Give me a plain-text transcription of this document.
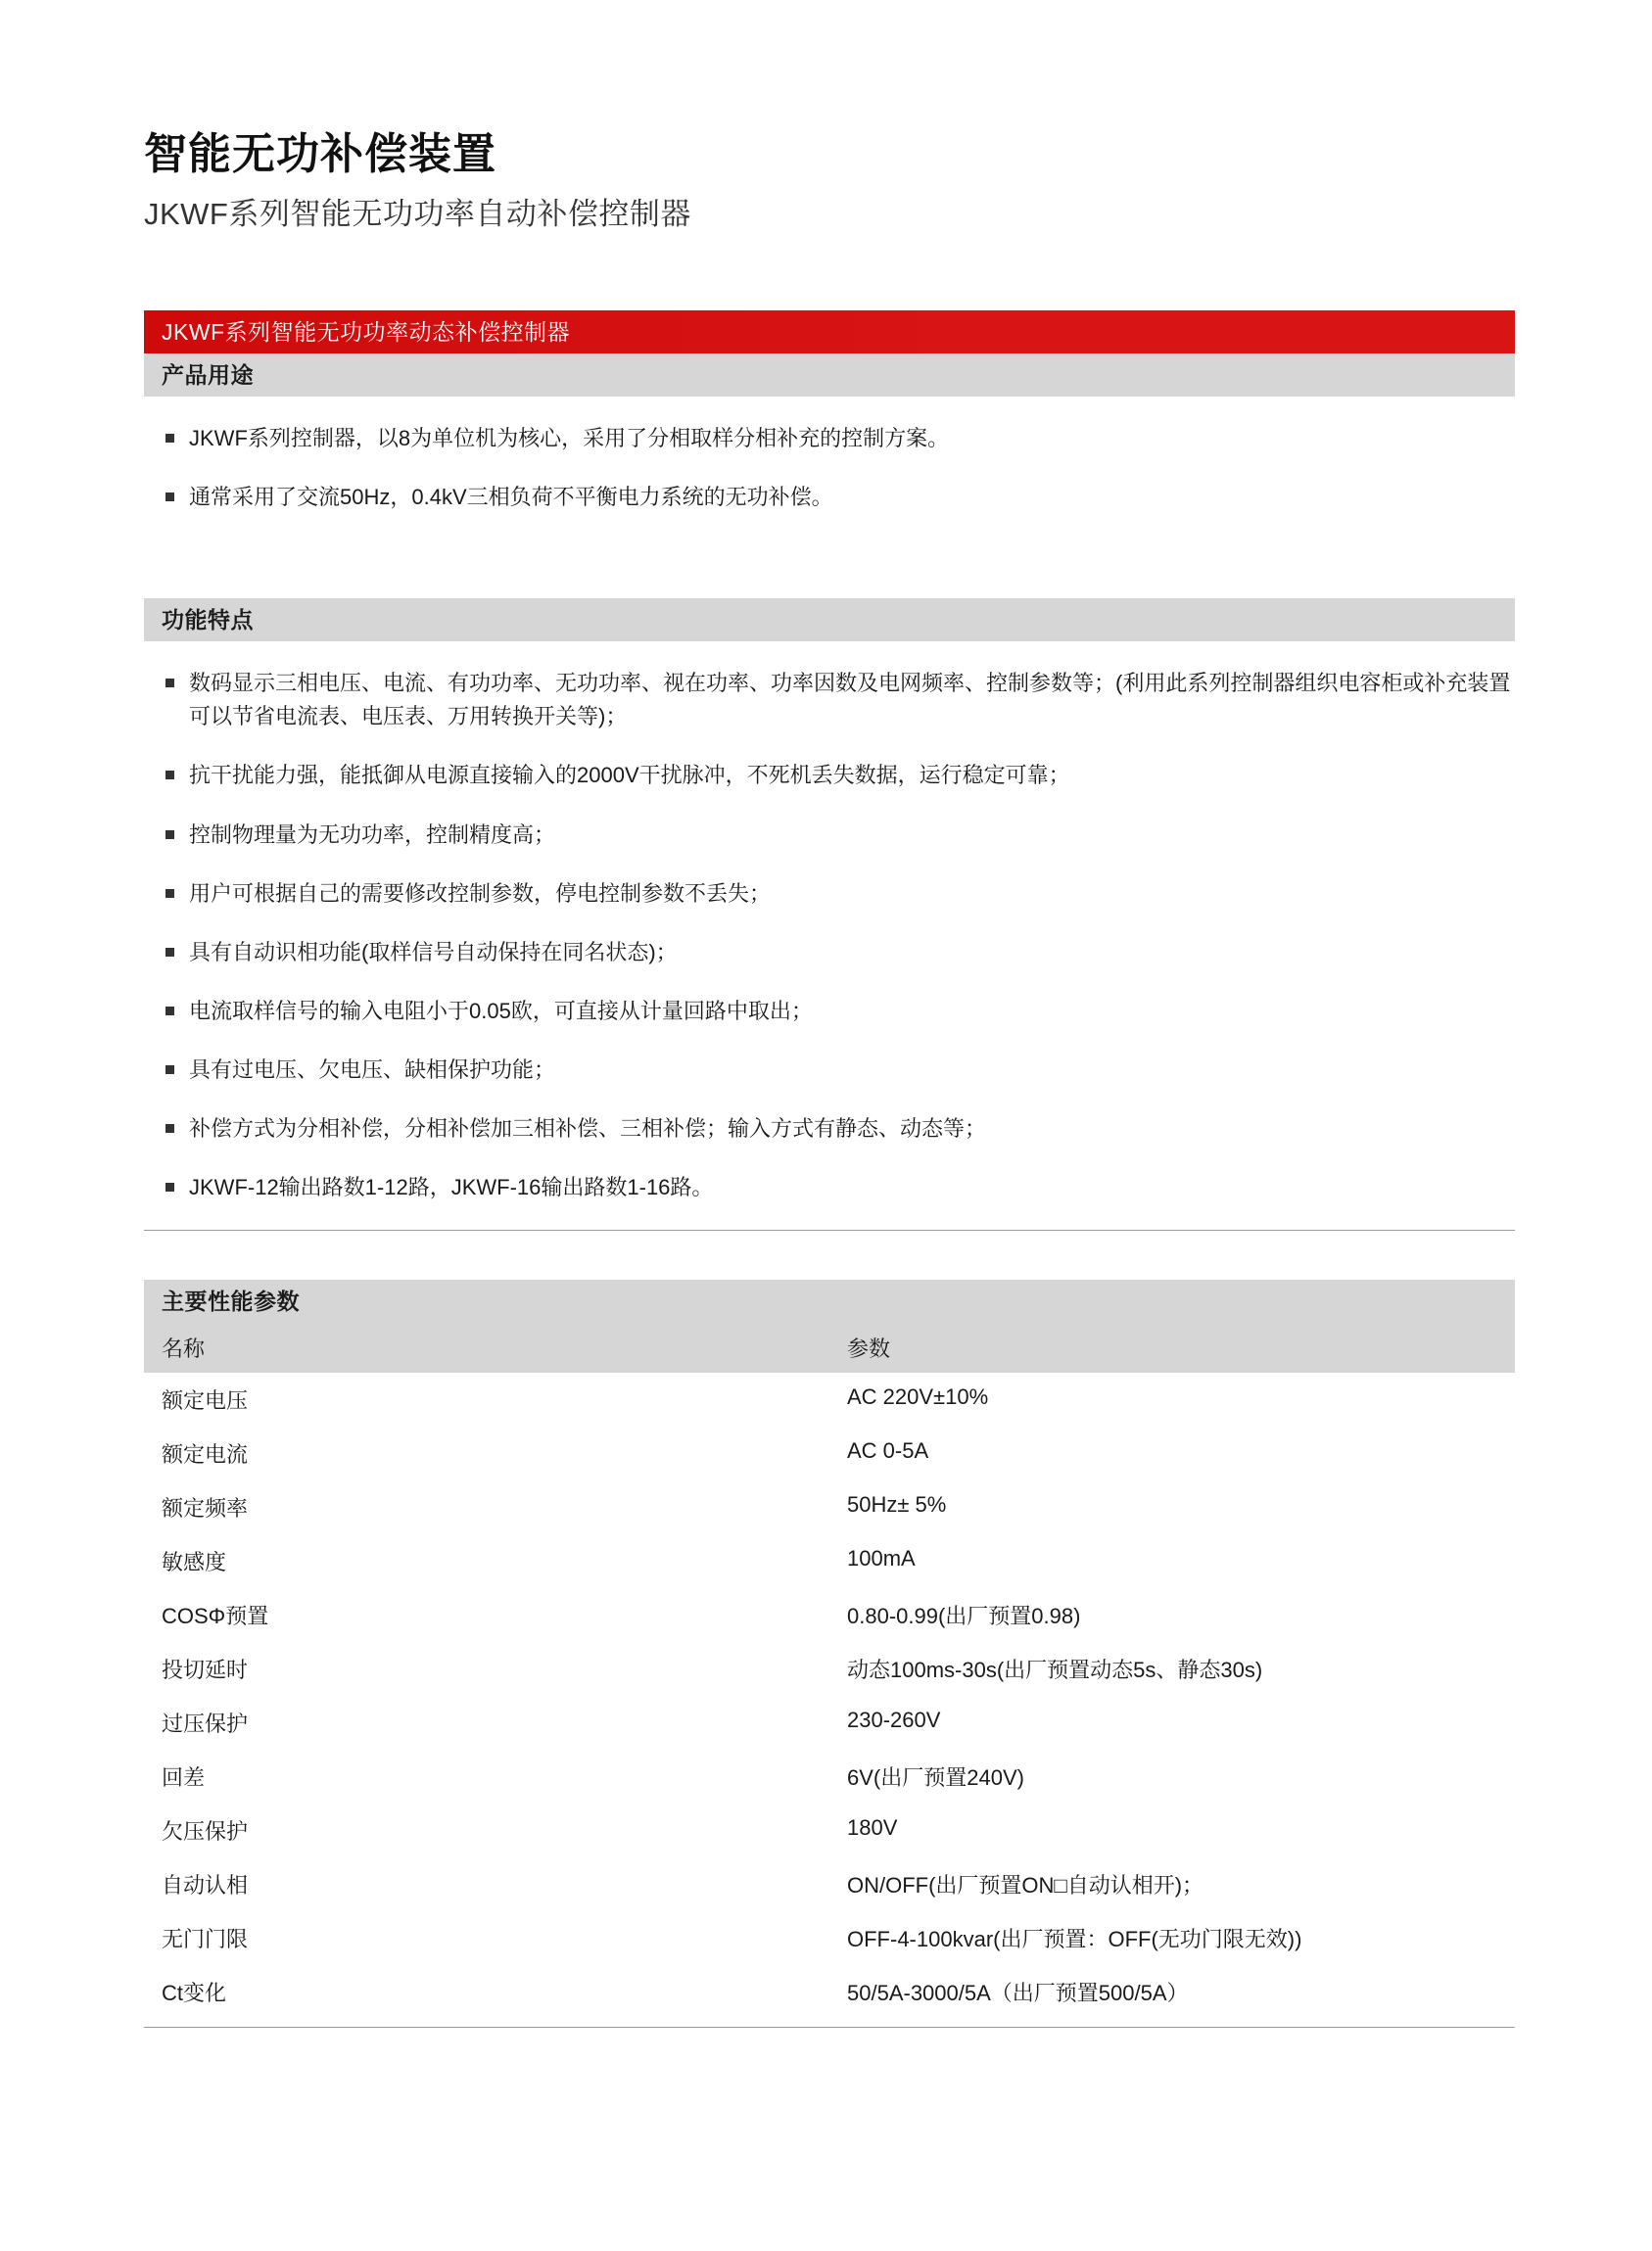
智能无功补偿装置
JKWF系列智能无功功率自动补偿控制器
JKWF系列智能无功功率动态补偿控制器
产品用途
JKWF系列控制器，以8为单位机为核心，采用了分相取样分相补充的控制方案。
通常采用了交流50Hz，0.4kV三相负荷不平衡电力系统的无功补偿。
功能特点
数码显示三相电压、电流、有功功率、无功功率、视在功率、功率因数及电网频率、控制参数等；(利用此系列控制器组织电容柜或补充装置可以节省电流表、电压表、万用转换开关等)；
抗干扰能力强，能抵御从电源直接输入的2000V干扰脉冲，不死机丢失数据，运行稳定可靠；
控制物理量为无功功率，控制精度高；
用户可根据自己的需要修改控制参数，停电控制参数不丢失；
具有自动识相功能(取样信号自动保持在同名状态)；
电流取样信号的输入电阻小于0.05欧，可直接从计量回路中取出；
具有过电压、欠电压、缺相保护功能；
补偿方式为分相补偿，分相补偿加三相补偿、三相补偿；输入方式有静态、动态等；
JKWF-12输出路数1-12路，JKWF-16输出路数1-16路。
主要性能参数
名称	参数
额定电压	AC 220V±10%
额定电流	AC 0-5A
额定频率	50Hz± 5%
敏感度	100mA
COSΦ预置	0.80-0.99(出厂预置0.98)
投切延时	动态100ms-30s(出厂预置动态5s、静态30s)
过压保护	230-260V
回差	6V(出厂预置240V)
欠压保护	180V
自动认相	ON/OFF(出厂预置ON□自动认相开)；
无门门限	OFF-4-100kvar(出厂预置：OFF(无功门限无效))
Ct变化	50/5A-3000/5A（出厂预置500/5A）
